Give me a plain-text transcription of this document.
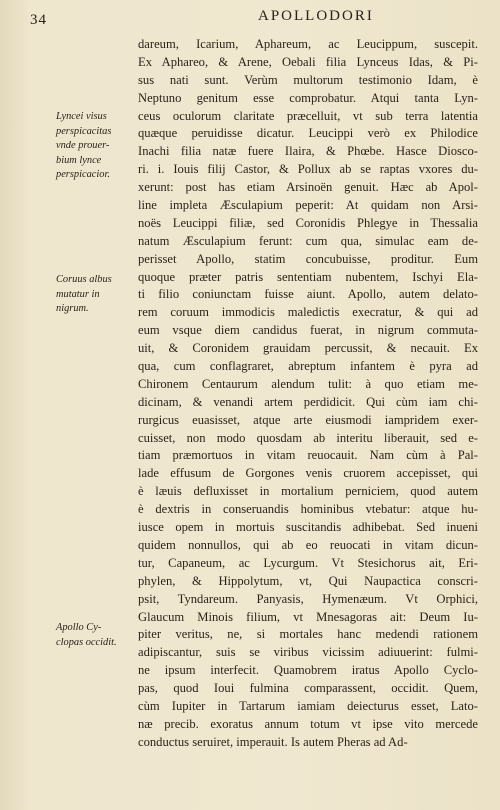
34	APOLLODORI
Lyncei visus
perspicacitas
vnde prouer-
bium lynce
perspicacior.
Coruus albus
mutatur in
nigrum.
Apollo Cy-
clopas occidit.
dareum, Icarium, Aphareum, ac Leucippum, suscepit.
Ex Aphareo, & Arene, Oebali filia Lynceus Idas, & Pi-
sus nati sunt. Verùm multorum testimonio Idam, è
Neptuno genitum esse comprobatur. Atqui tanta Lyn-
ceus oculorum claritate præcelluit, vt sub terra latentia
quæque peruidisse dicatur. Leucippi verò ex Philodice
Inachi filia natæ fuere Ilaira, & Phœbe. Hasce Diosco-
ri. i. Iouis filij Castor, & Pollux ab se raptas vxores du-
xerunt: post has etiam Arsinoën genuit. Hæc ab Apol-
line impleta Æsculapium peperit: At quidam non Arsi-
noës Leucippi filiæ, sed Coronidis Phlegye in Thessalia
natum Æsculapium ferunt: cum qua, simulac eam de-
perisset Apollo, statim concubuisse, proditur. Eum
quoque præter patris sententiam nubentem, Ischyi Ela-
ti filio coniunctam fuisse aiunt. Apollo, autem delato-
rem coruum immodicis maledictis execratur, & qui ad
eum vsque diem candidus fuerat, in nigrum commuta-
uit, & Coronidem grauidam percussit, & necauit. Ex
qua, cum conflagraret, abreptum infantem è pyra ad
Chironem Centaurum alendum tulit: à quo etiam me-
dicinam, & venandi artem perdidicit. Qui cùm iam chi-
rurgicus euasisset, atque arte eiusmodi iampridem exer-
cuisset, non modo quosdam ab interitu liberauit, sed e-
tiam præmortuos in vitam reuocauit. Nam cùm à Pal-
lade effusum de Gorgones venis cruorem accepisset, qui
è læuis defluxisset in mortalium perniciem, quod autem
è dextris in conseruandis hominibus vtebatur: atque hu-
iusce opem in mortuis suscitandis adhibebat. Sed inueni
quidem nonnullos, qui ab eo reuocati in vitam dicun-
tur, Capaneum, ac Lycurgum. Vt Stesichorus ait, Eri-
phylen, & Hippolytum, vt, Qui Naupactica conscri-
psit, Tyndareum. Panyasis, Hymenæum. Vt Orphici,
Glaucum Minois filium, vt Mnesagoras ait: Deum Iu-
piter veritus, ne, si mortales hanc medendi rationem
adipiscantur, suis se viribus vicissim adiuuerint: fulmi-
ne ipsum interfecit. Quamobrem iratus Apollo Cyclo-
pas, quod Ioui fulmina comparassent, occidit. Quem,
cùm Iupiter in Tartarum iamiam deiecturus esset, Lato-
næ precib. exoratus annum totum vt ipse vito mercede
conductus seruiret, imperauit. Is autem Pheras ad Ad-
